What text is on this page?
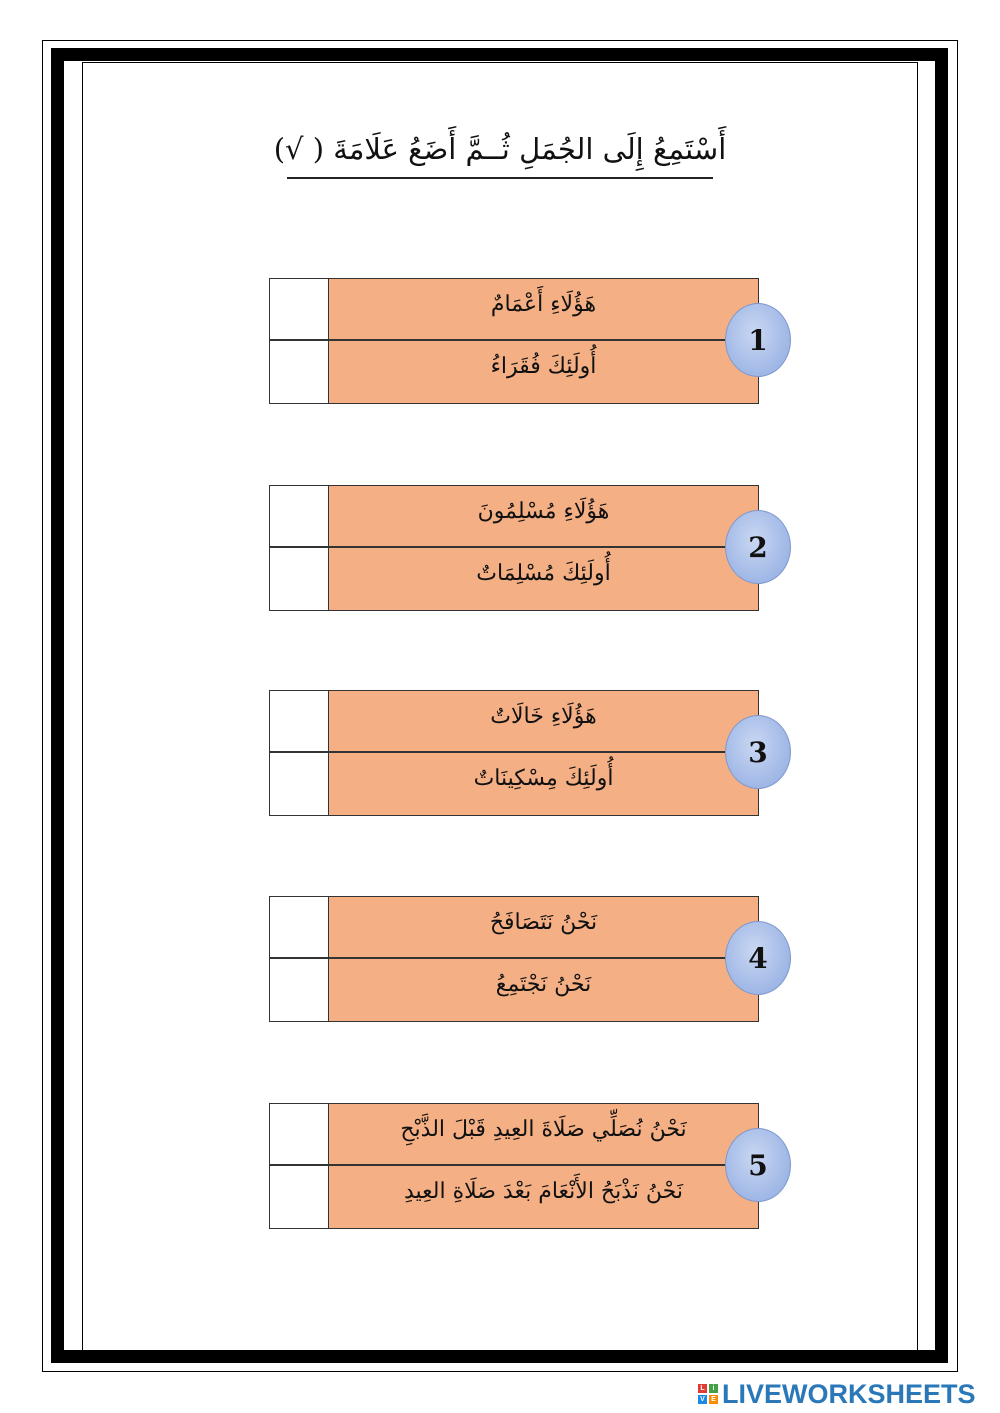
أَسْتَمِعُ إِلَى الجُمَلِ ثُــمَّ أَضَعُ عَلَامَةَ ( √)
هَؤُلَاءِ أَعْمَامٌ
أُولَئِكَ فُقَرَاءُ
1
هَؤُلَاءِ مُسْلِمُونَ
أُولَئِكَ مُسْلِمَاتٌ
2
هَؤُلَاءِ خَالَاتٌ
أُولَئِكَ مِسْكِينَاتٌ
3
نَحْنُ نَتَصَافَحُ
نَحْنُ نَجْتَمِعُ
4
نَحْنُ نُصَلِّي صَلَاةَ العِيدِ قَبْلَ الذَّبْحِ
نَحْنُ نَذْبَحُ الأَنْعَامَ بَعْدَ صَلَاةِ العِيدِ
5
L	i
V E LIVEWORKSHEETS
